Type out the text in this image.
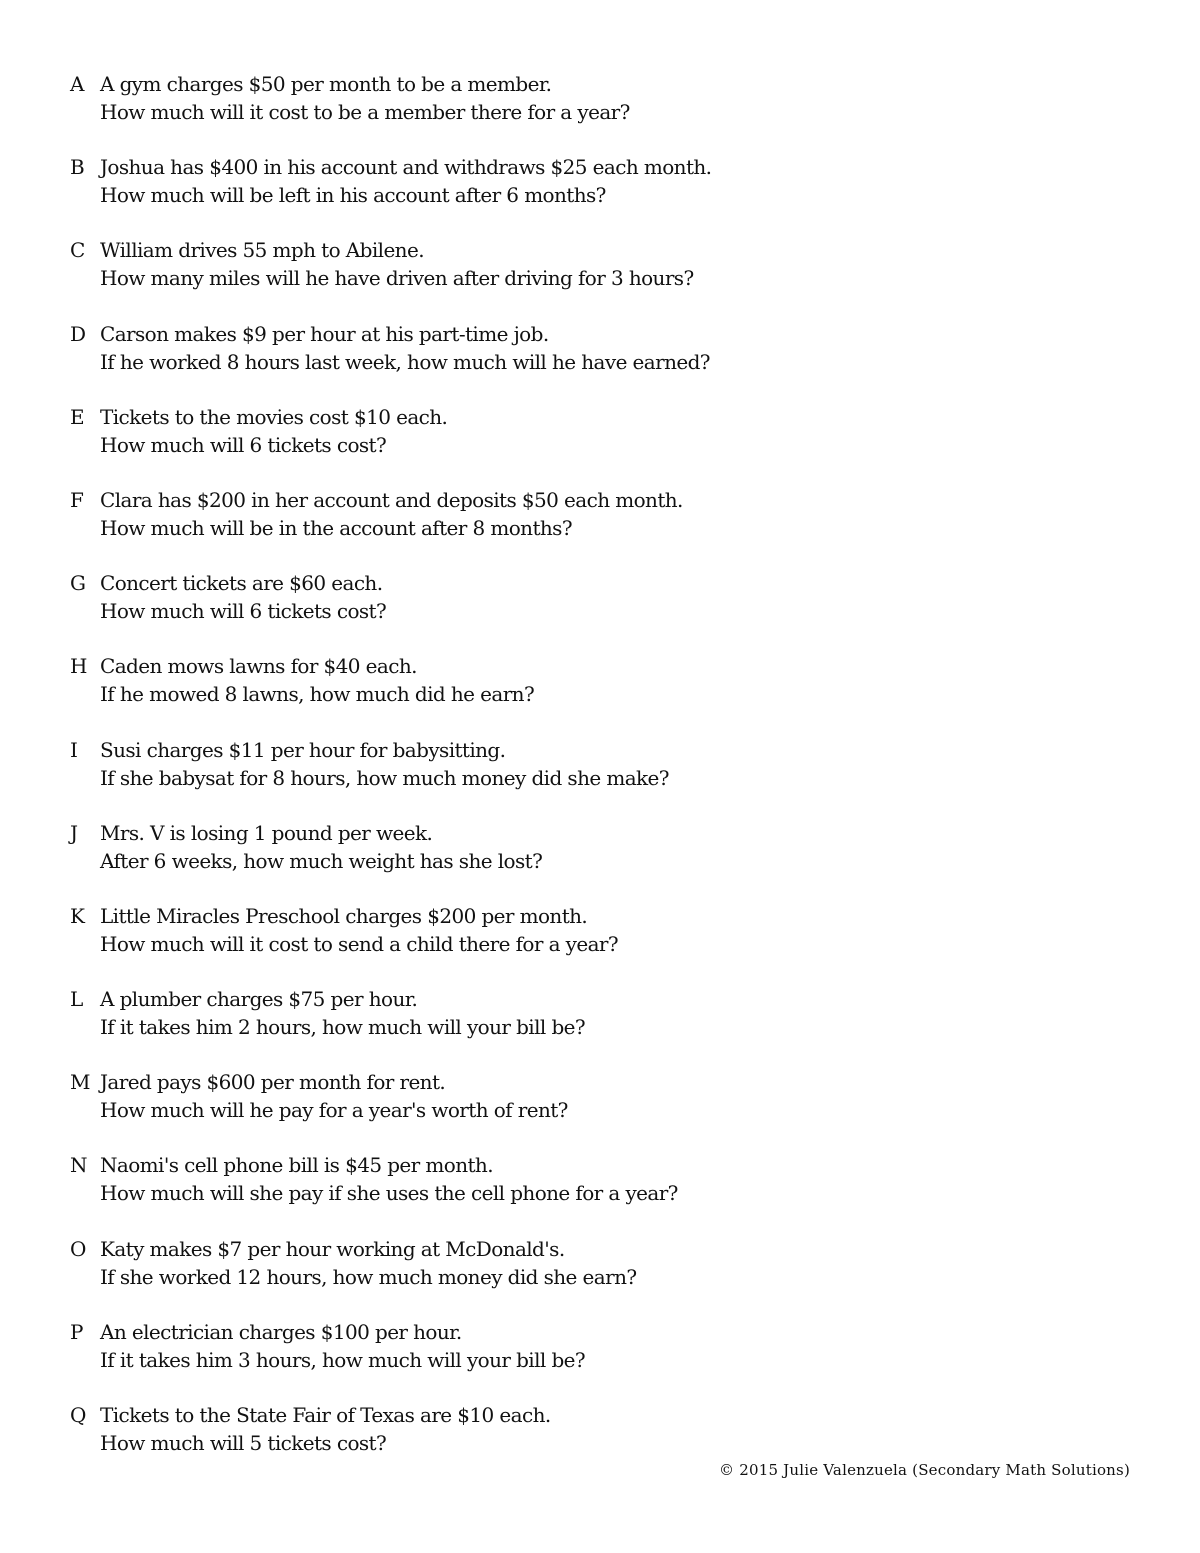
A A gym charges $50 per month to be a member.
How much will it cost to be a member there for a year?
B Joshua has $400 in his account and withdraws $25 each month.
How much will be left in his account after 6 months?
C William drives 55 mph to Abilene.
How many miles will he have driven after driving for 3 hours?
D Carson makes $9 per hour at his part-time job.
If he worked 8 hours last week, how much will he have earned?
E Tickets to the movies cost $10 each.
How much will 6 tickets cost?
F Clara has $200 in her account and deposits $50 each month.
How much will be in the account after 8 months?
G Concert tickets are $60 each.
How much will 6 tickets cost?
H Caden mows lawns for $40 each.
If he mowed 8 lawns, how much did he earn?
I Susi charges $11 per hour for babysitting.
If she babysat for 8 hours, how much money did she make?
J Mrs. V is losing 1 pound per week.
After 6 weeks, how much weight has she lost?
K Little Miracles Preschool charges $200 per month.
How much will it cost to send a child there for a year?
L A plumber charges $75 per hour.
If it takes him 2 hours, how much will your bill be?
M Jared pays $600 per month for rent.
How much will he pay for a year's worth of rent?
N Naomi's cell phone bill is $45 per month.
How much will she pay if she uses the cell phone for a year?
O Katy makes $7 per hour working at McDonald's.
If she worked 12 hours, how much money did she earn?
P An electrician charges $100 per hour.
If it takes him 3 hours, how much will your bill be?
Q Tickets to the State Fair of Texas are $10 each.
How much will 5 tickets cost?
© 2015 Julie Valenzuela (Secondary Math Solutions)
